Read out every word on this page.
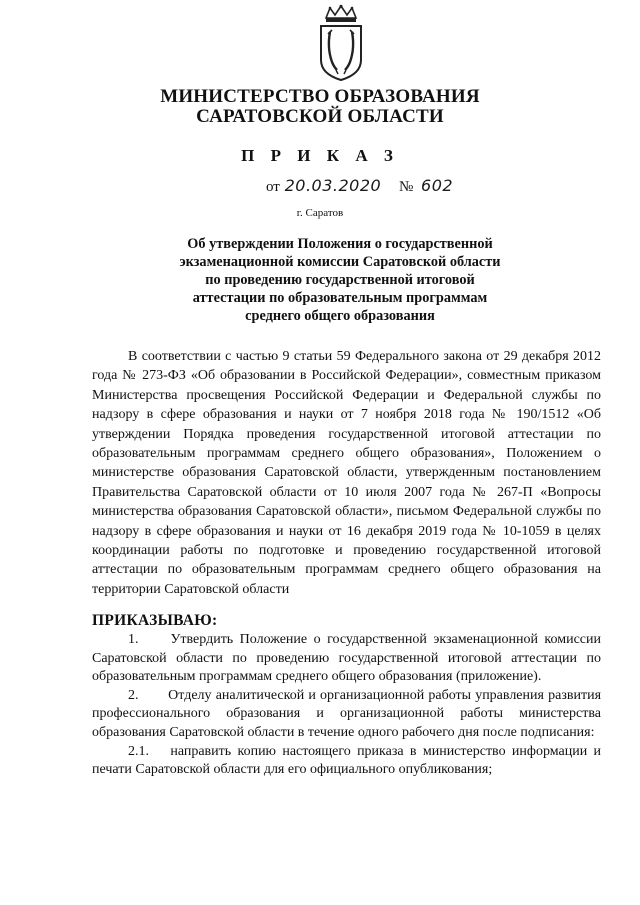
МИНИСТЕРСТВО ОБРАЗОВАНИЯ
САРАТОВСКОЙ ОБЛАСТИ
П Р И К А З
от 20.03.2020 № 602
г. Саратов
Об утверждении Положения о государственной
экзаменационной комиссии Саратовской области
по проведению государственной итоговой
аттестации по образовательным программам
среднего общего образования
В соответствии с частью 9 статьи 59 Федерального закона от 29 декабря 2012 года № 273-ФЗ «Об образовании в Российской Федерации», совместным приказом Министерства просвещения Российской Федерации и Федеральной службы по надзору в сфере образования и науки от 7 ноября 2018 года № 190/1512 «Об утверждении Порядка проведения государственной итоговой аттестации по образовательным программам среднего общего образования», Положением о министерстве образования Саратовской области, утвержденным постановлением Правительства Саратовской области от 10 июля 2007 года № 267-П «Вопросы министерства образования Саратовской области», письмом Федеральной службы по надзору в сфере образования и науки от 16 декабря 2019 года № 10-1059 в целях координации работы по подготовке и проведению государственной итоговой аттестации по образовательным программам среднего общего образования на территории Саратовской области
ПРИКАЗЫВАЮ:
1. Утвердить Положение о государственной экзаменационной комиссии Саратовской области по проведению государственной итоговой аттестации по образовательным программам среднего общего образования (приложение).
2. Отделу аналитической и организационной работы управления развития профессионального образования и организационной работы министерства образования Саратовской области в течение одного рабочего дня после подписания:
2.1. направить копию настоящего приказа в министерство информации и печати Саратовской области для его официального опубликования;
